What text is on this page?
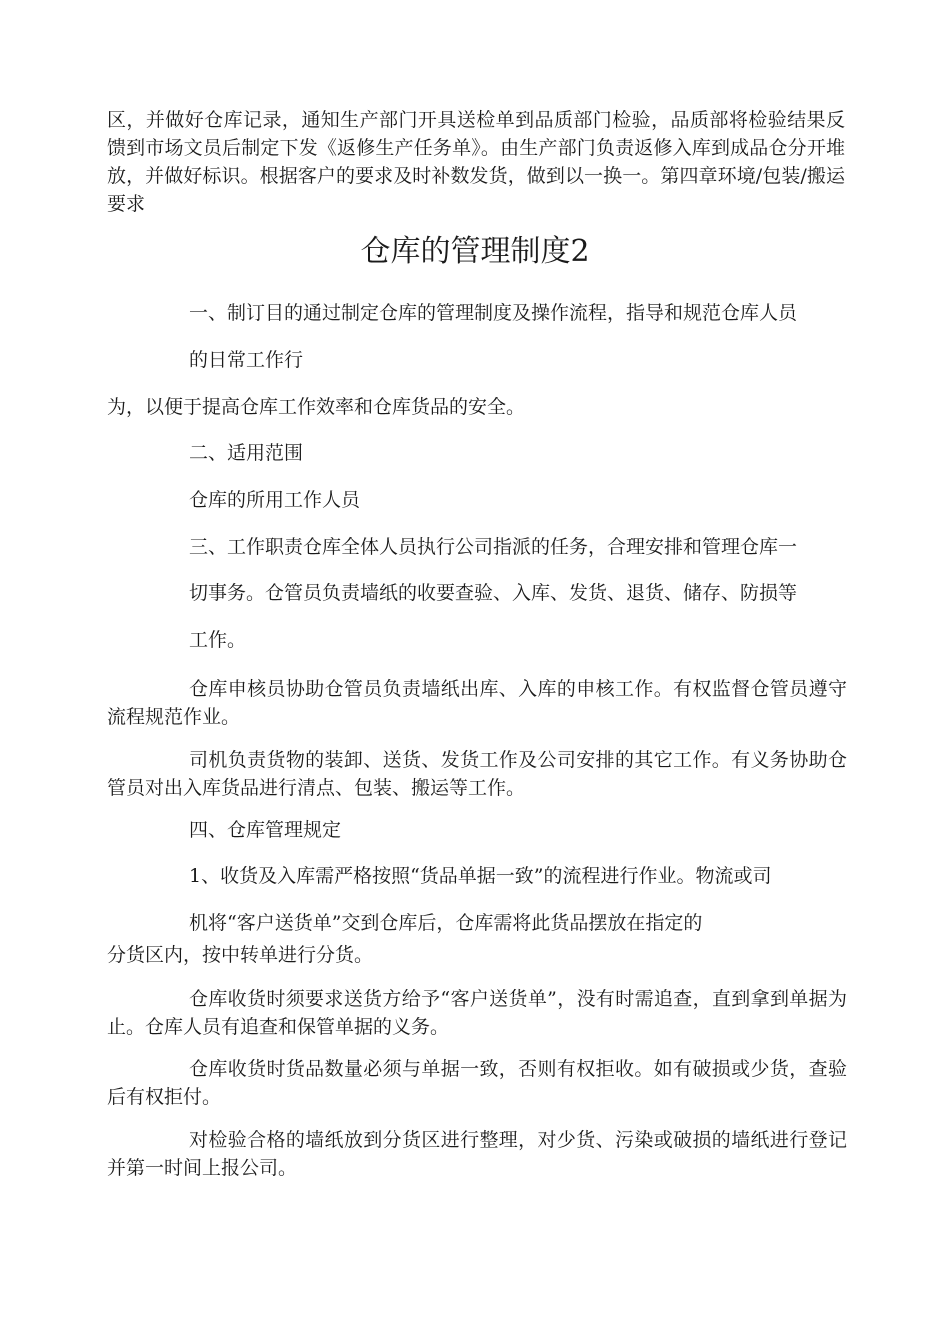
区，并做好仓库记录，通知生产部门开具送检单到品质部门检验，品质部将检验结果反馈到市场文员后制定下发《返修生产任务单》。由生产部门负责返修入库到成品仓分开堆放，并做好标识。根据客户的要求及时补数发货，做到以一换一。第四章环境/包装/搬运要求

仓库的管理制度2

一、制订目的通过制定仓库的管理制度及操作流程，指导和规范仓库人员

的日常工作行

为，以便于提高仓库工作效率和仓库货品的安全。

二、适用范围

仓库的所用工作人员

三、工作职责仓库全体人员执行公司指派的任务，合理安排和管理仓库一

切事务。仓管员负责墙纸的收要查验、入库、发货、退货、储存、防损等

工作。

仓库申核员协助仓管员负责墙纸出库、入库的申核工作。有权监督仓管员遵守流程规范作业。

司机负责货物的装卸、送货、发货工作及公司安排的其它工作。有义务协助仓管员对出入库货品进行清点、包装、搬运等工作。

四、仓库管理规定

1、收货及入库需严格按照“货品单据一致”的流程进行作业。物流或司

机将“客户送货单”交到仓库后，仓库需将此货品摆放在指定的

分货区内，按中转单进行分货。

仓库收货时须要求送货方给予“客户送货单”，没有时需追查，直到拿到单据为止。仓库人员有追查和保管单据的义务。

仓库收货时货品数量必须与单据一致，否则有权拒收。如有破损或少货，查验后有权拒付。

对检验合格的墙纸放到分货区进行整理，对少货、污染或破损的墙纸进行登记并第一时间上报公司。
